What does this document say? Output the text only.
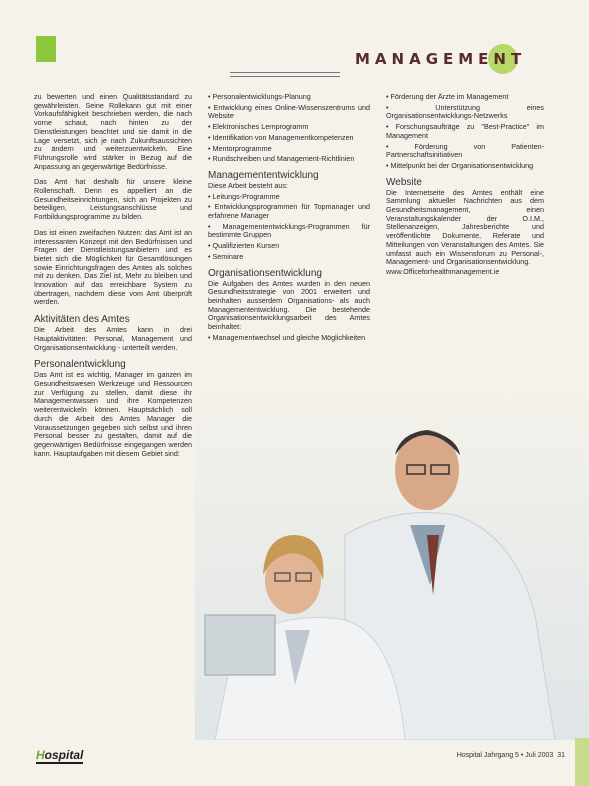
MANAGEMENT

zu bewerten und einen Qualitätsstandard zu gewährleisten. Seine Rollekann gut mit einer Vorkaufsfähigkeit beschrieben werden, die nach vorne schaut, nach hinten zu der Dienstleistungen beachtet und sie damit in die Lage versetzt, sich je nach Zukunftsaussichten zu ändern und weiterzuentwickeln. Eine Führungsrolle wird stärker in Bezug auf die Anpassung an gegenwärtige Bedürfnisse.

Das Amt hat deshalb für unsere kleine Rollenschaft. Denn es appelliert an die Gesundheitseinrichtungen, sich an Projekten zu beteiligen, Leistungsanschlüsse und Fortbildungsprogramme zu bilden.

Das ist einen zweifachen Nutzen: das Amt ist an interessanten Konzept mit den Bedürfnissen und Fragen der Dienstleistungsanbietern und es bietet sich die Möglichkeit für Gesamtlösungen sowie Einrichtungsfragen des Amtes als solches mit zu denken. Das Ziel ist, Mehr zu bleiben und Innovation auf das erreichbare System zu übertragen, nachdem diese vom Amt überprüft werden.

Aktivitäten des Amtes

Die Arbeit des Amtes kann in drei Hauptaktivitäten: Personal, Management und Organisationsentwicklung - unterteilt werden.

Personalentwicklung

Das Amt ist es wichtig, Manager im ganzen im Gesundheitswesen Werkzeuge und Ressourcen zur Verfügung zu stellen, damit diese ihr Managementwissen und ihre Kompetenzen weiterentwickeln können. Hauptsächlich soll durch die Arbeit des Amtes Manager die Voraussetzungen gegeben sich selbst und ihren Personal besser zu gestalten, damit auf die gegenwärtigen Bedürfnisse eingegangen werden kann. Hauptaufgaben mit diesem Gebiet sind:

• Personalentwicklungs-Planung
• Entwicklung eines Online-Wissenszentrums und Website
• Elektronisches Lernprogramm
• Identifikation von Managementkompetenzen
• Mentorprogramme
• Rundschreiben und Management-Richtlinien
Managemententwicklung

Diese Arbeit besteht aus:

• Leitungs-Programme
• Entwicklungsprogrammen für Topmanager und erfahrene Manager
• Managemententwicklungs-Programmen für bestimmte Gruppen
• Qualifizierten Kursen
• Seminare
Organisationsentwicklung

Die Aufgaben des Amtes wurden in den neuen Gesundheitsstrategie von 2001 erweitert und beinhalten ausserdem Organisations- als auch Managemententwicklung. Die bestehende Organisationsentwicklungsarbeit des Amtes beinhaltet:

• Managementwechsel und gleiche Möglichkeiten
• Förderung der Ärzte im Management
• Unterstützung eines Organisationsentwicklungs-Netzwerks
• Forschungsaufträge zu "Best-Practice" im Management
• Förderung von Patienten-Partnerschaftsinitiativen
• Mittelpunkt bei der Organisationsentwicklung
Website

Die Internetseite des Amtes enthält eine Sammlung aktueller Nachrichten aus dem Gesundheitsmanagement, einen Veranstaltungskalender der O.I.M., Stellenanzeigen, Jahresberichte und veröffentlichte Dokumente, Referate und Mitteilungen von Veranstaltungen des Amtes. Sie umfasst auch ein Wissensforum zu Personal-, Management- und Organisationsentwicklung.

www.Officeforhealthmanagement.ie

Hospital	Hospital Jahrgang 5 • Juli 2003 31
